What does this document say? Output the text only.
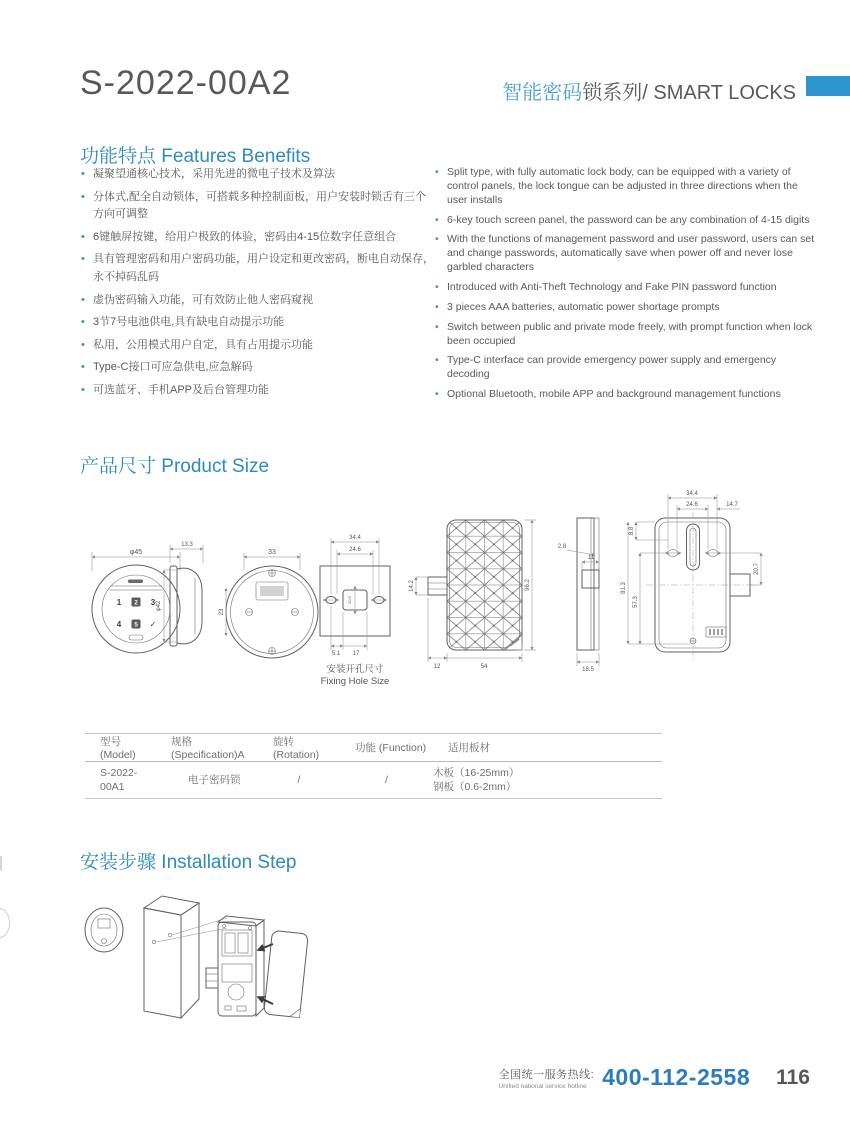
S-2022-00A2	智能密码锁系列/ SMART LOCKS
功能特点 Features Benefits
• 凝聚望通核心技术，采用先进的微电子技术及算法
• 分体式,配全自动锁体，可搭载多种控制面板，用户安装时锁舌有三个方向可调整
• 6键触屏按键，给用户极致的体验，密码由4-15位数字任意组合
• 具有管理密码和用户密码功能，用户设定和更改密码，断电自动保存，永不掉码乱码
• 虚伪密码输入功能，可有效防止他人密码窥视
• 3节7号电池供电,具有缺电自动提示功能
• 私用，公用模式用户自定，具有占用提示功能
• Type-C接口可应急供电,应急解码
• 可选蓝牙、手机APP及后台管理功能
• Split type, with fully automatic lock body, can be equipped with a variety of control panels, the lock tongue can be adjusted in three directions when the user installs
• 6-key touch screen panel, the password can be any combination of 4-15 digits
• With the functions of management password and user password, users can set and change passwords, automatically save when power off and never lose garbled characters
• Introduced with Anti-Theft Technology and Fake PIN password function
• 3 pieces AAA batteries, automatic power shortage prompts
• Switch between public and private mode freely, with prompt function when lock been occupied
• Type-C interface can provide emergency power supply and emergency decoding
• Optional Bluetooth, mobile APP and background management functions
产品尺寸 Product Size
φ45
1 2 3
4 5 ✓
13.3
φ42
33
23
20.5
34.4
24.6
5.1 17
安装开孔尺寸
Fixing Hole Size
14.2	96.2
12	54
2.8
11
18.5
34.4
24.6	14.7
8.8
81.3
57.3
20.7
型号 (Model)	规格 (Specification)A	旋转 (Rotation)	功能 (Function)	适用板材
S-2022-00A1	电子密码锁	/	/	木板（16-25mm）
钢板（0.6-2mm）
安装步骤 Installation Step
全国统一服务热线:
Unified national service hotline 400-112-2558 116
